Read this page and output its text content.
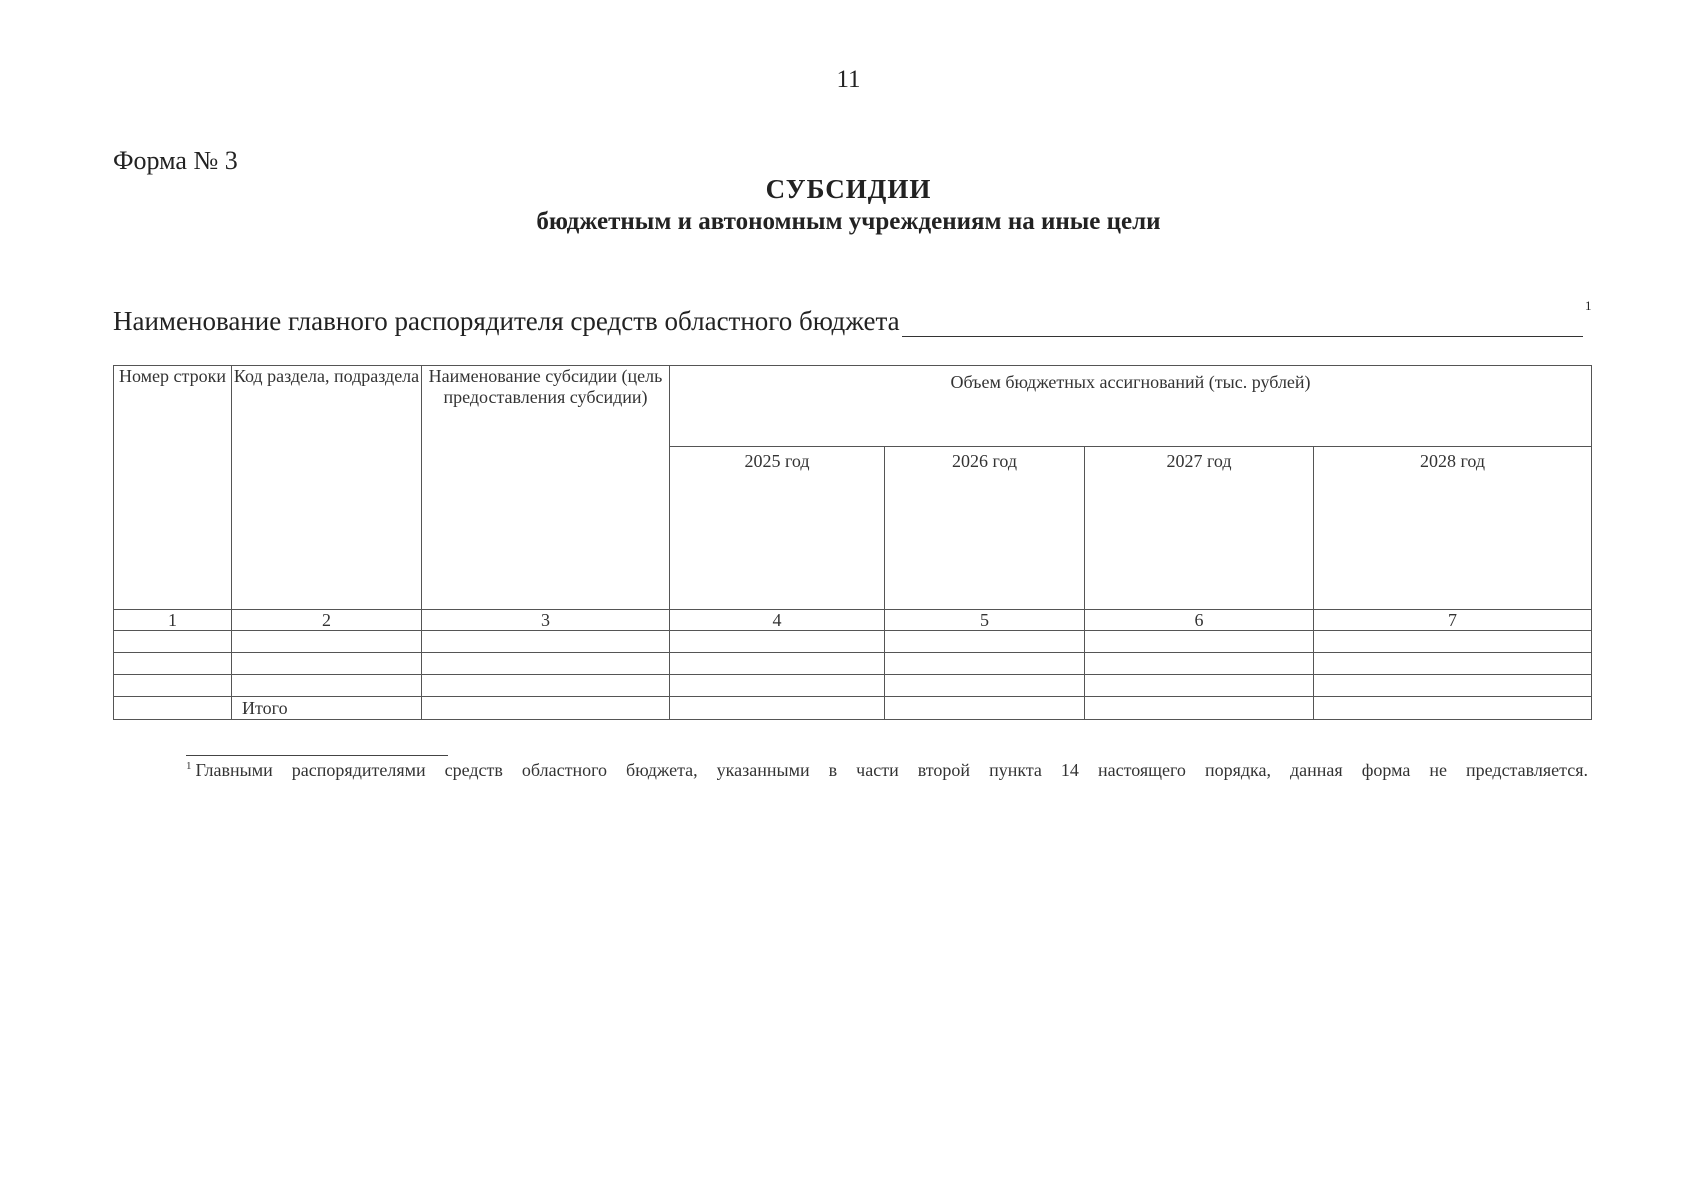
11
Форма № 3
СУБСИДИИ
бюджетным и автономным учреждениям на иные цели
Наименование главного распорядителя средств областного бюджета
1
Номер строки	Код раздела, подраздела	Наименование субсидии (цель предоставления субсидии)	Объем бюджетных ассигнований (тыс. рублей)			
			2025 год	2026 год	2027 год	2028 год
1	2	3	4	5	6	7

	Итого					
$^1$ Главными распорядителями средств областного бюджета, указанными в части второй пункта 14 настоящего порядка, данная форма не представляется.
